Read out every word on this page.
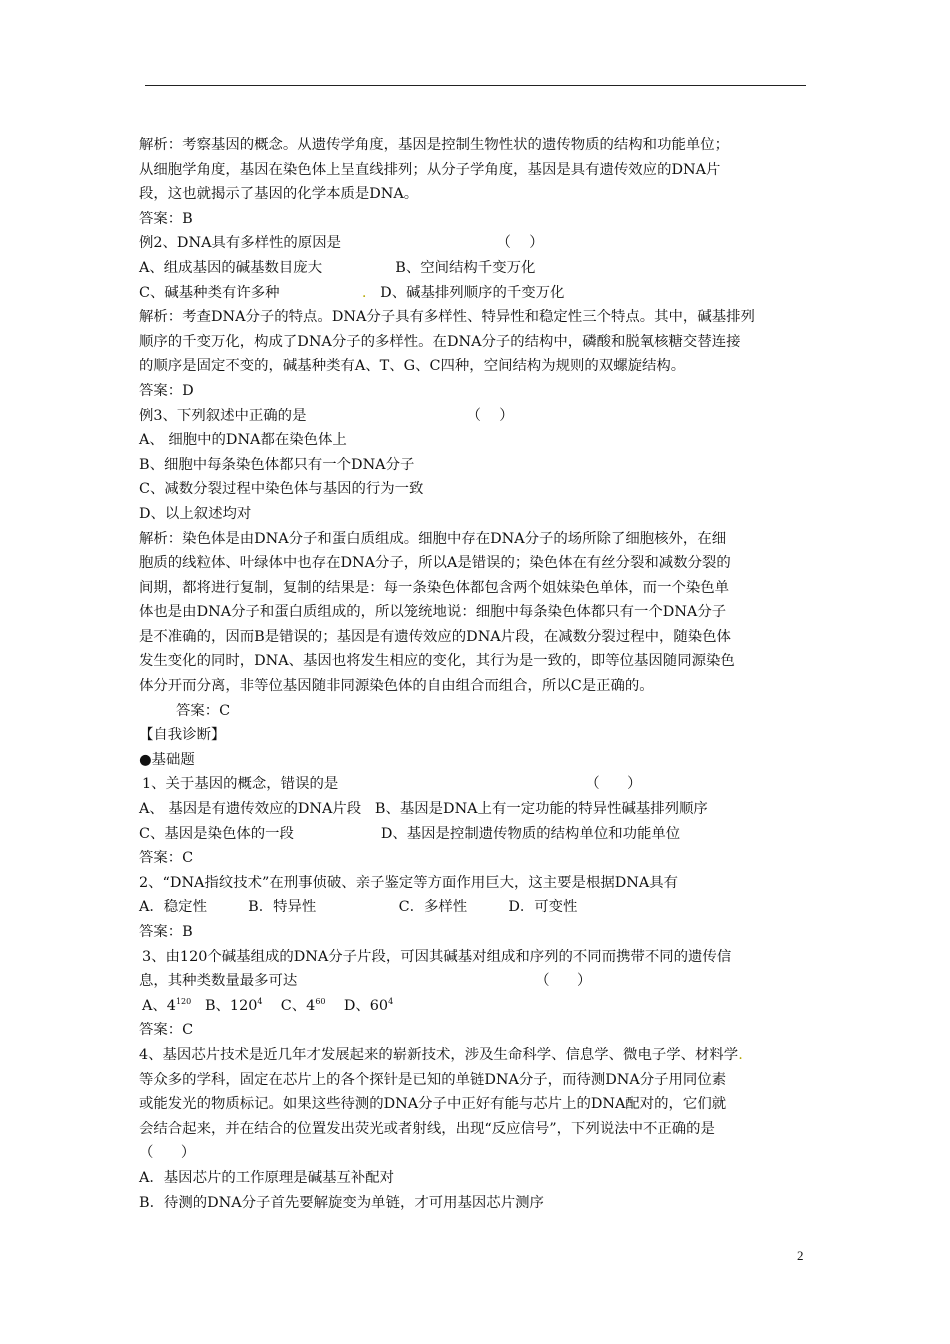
解析：考察基因的概念。从遗传学角度，基因是控制生物性状的遗传物质的结构和功能单位；
从细胞学角度，基因在染色体上呈直线排列；从分子学角度，基因是具有遗传效应的DNA片
段，这也就揭示了基因的化学本质是DNA。
答案：B
例2、DNA具有多样性的原因是                                  （    ）
A、组成基因的碱基数目庞大                B、空间结构千变万化
C、碱基种类有许多种                  .   D、碱基排列顺序的千变万化
解析：考查DNA分子的特点。DNA分子具有多样性、特异性和稳定性三个特点。其中，碱基排列
顺序的千变万化，构成了DNA分子的多样性。在DNA分子的结构中，磷酸和脱氧核糖交替连接
的顺序是固定不变的，碱基种类有A、T、G、C四种，空间结构为规则的双螺旋结构。
答案：D
例3、下列叙述中正确的是                                   （    ）
A、 细胞中的DNA都在染色体上
B、细胞中每条染色体都只有一个DNA分子
C、减数分裂过程中染色体与基因的行为一致
D、以上叙述均对
解析：染色体是由DNA分子和蛋白质组成。细胞中存在DNA分子的场所除了细胞核外，在细
胞质的线粒体、叶绿体中也存在DNA分子，所以A是错误的；染色体在有丝分裂和减数分裂的
间期，都将进行复制，复制的结果是：每一条染色体都包含两个姐妹染色单体，而一个染色单
体也是由DNA分子和蛋白质组成的，所以笼统地说：细胞中每条染色体都只有一个DNA分子
是不准确的，因而B是错误的；基因是有遗传效应的DNA片段，在减数分裂过程中，随染色体
发生变化的同时，DNA、基因也将发生相应的变化，其行为是一致的，即等位基因随同源染色
体分开而分离，非等位基因随非同源染色体的自由组合而组合，所以C是正确的。
答案：C
【自我诊断】
●基础题
1、关于基因的概念，错误的是                                                      （      ）
A、 基因是有遗传效应的DNA片段   B、基因是DNA上有一定功能的特异性碱基排列顺序
C、基因是染色体的一段                   D、基因是控制遗传物质的结构单位和功能单位
答案：C
2、“DNA指纹技术”在刑事侦破、亲子鉴定等方面作用巨大，这主要是根据DNA具有
A．稳定性         B．特异性                  C．多样性         D．可变性
答案：B
3、由120个碱基组成的DNA分子片段，可因其碱基对组成和序列的不同而携带不同的遗传信
息，其种类数量最多可达                                                    （      ）
A、$4^{120}$   B、$120^4$    C、$4^{60}$    D、$60^4$
答案：C
4、基因芯片技术是近几年才发展起来的崭新技术，涉及生命科学、信息学、微电子学、材料学.
等众多的学科，固定在芯片上的各个探针是已知的单链DNA分子，而待测DNA分子用同位素
或能发光的物质标记。如果这些待测的DNA分子中正好有能与芯片上的DNA配对的，它们就
会结合起来，并在结合的位置发出荧光或者射线，出现“反应信号”，下列说法中不正确的是
（      ）
A．基因芯片的工作原理是碱基互补配对
B．待测的DNA分子首先要解旋变为单链，才可用基因芯片测序
2
